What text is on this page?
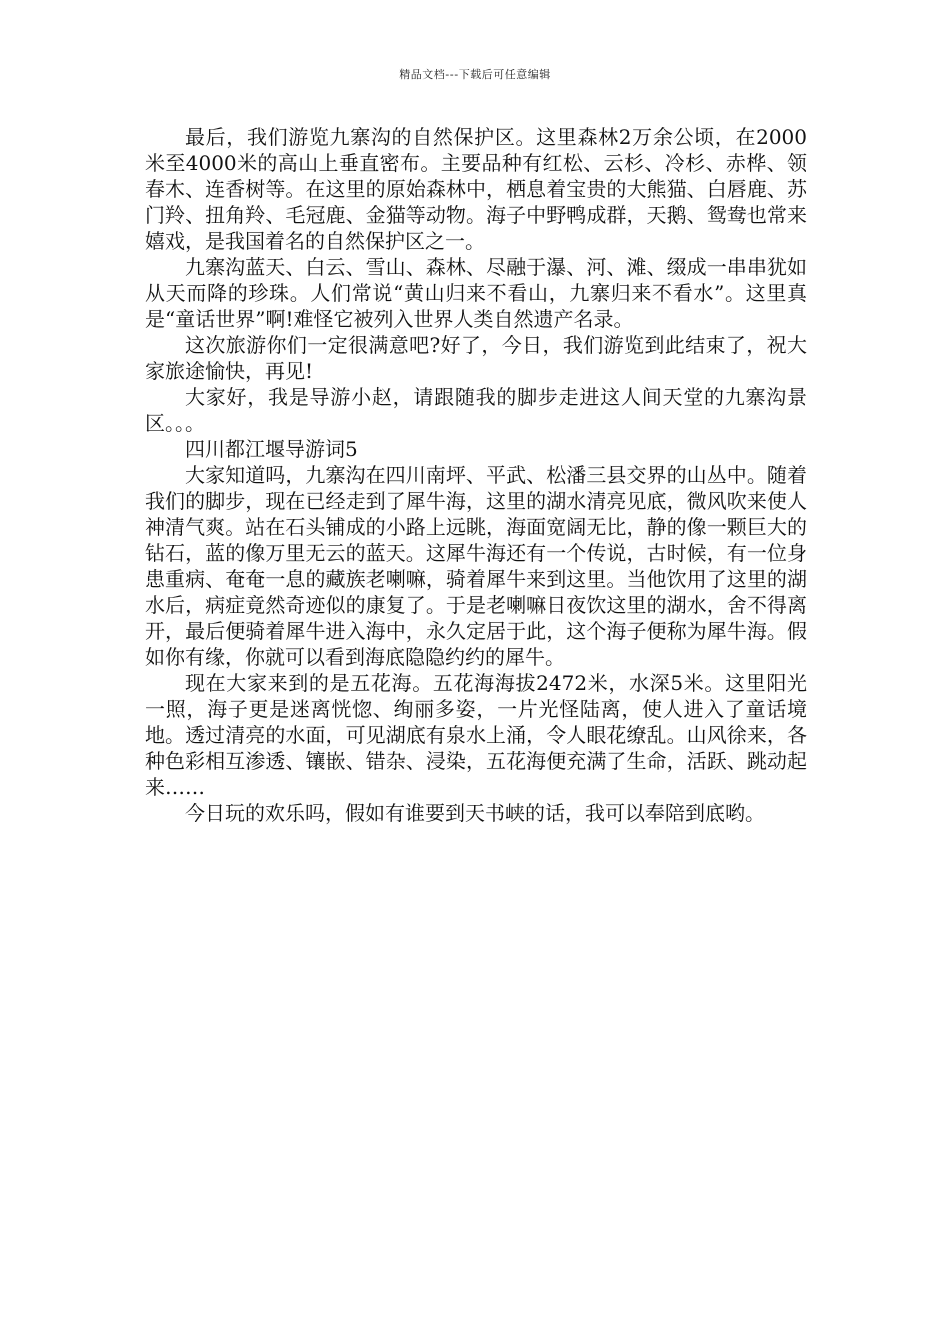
精品文档---下载后可任意编辑

最后，我们游览九寨沟的自然保护区。这里森林2万余公顷，在2000米至4000米的高山上垂直密布。主要品种有红松、云杉、冷杉、赤桦、领春木、连香树等。在这里的原始森林中，栖息着宝贵的大熊猫、白唇鹿、苏门羚、扭角羚、毛冠鹿、金猫等动物。海子中野鸭成群，天鹅、鸳鸯也常来嬉戏，是我国着名的自然保护区之一。

九寨沟蓝天、白云、雪山、森林、尽融于瀑、河、滩、缀成一串串犹如从天而降的珍珠。人们常说“黄山归来不看山，九寨归来不看水”。这里真是“童话世界”啊!难怪它被列入世界人类自然遗产名录。

这次旅游你们一定很满意吧?好了，今日，我们游览到此结束了，祝大家旅途愉快，再见!

大家好，我是导游小赵，请跟随我的脚步走进这人间天堂的九寨沟景区。。。

四川都江堰导游词5

大家知道吗，九寨沟在四川南坪、平武、松潘三县交界的山丛中。随着我们的脚步，现在已经走到了犀牛海，这里的湖水清亮见底，微风吹来使人神清气爽。站在石头铺成的小路上远眺，海面宽阔无比，静的像一颗巨大的钻石，蓝的像万里无云的蓝天。这犀牛海还有一个传说，古时候，有一位身患重病、奄奄一息的藏族老喇嘛，骑着犀牛来到这里。当他饮用了这里的湖水后，病症竟然奇迹似的康复了。于是老喇嘛日夜饮这里的湖水，舍不得离开，最后便骑着犀牛进入海中，永久定居于此，这个海子便称为犀牛海。假如你有缘，你就可以看到海底隐隐约约的犀牛。

现在大家来到的是五花海。五花海海拔2472米，水深5米。这里阳光一照，海子更是迷离恍惚、绚丽多姿，一片光怪陆离，使人进入了童话境地。透过清亮的水面，可见湖底有泉水上涌，令人眼花缭乱。山风徐来，各种色彩相互渗透、镶嵌、错杂、浸染，五花海便充满了生命，活跃、跳动起来……

今日玩的欢乐吗，假如有谁要到天书峡的话，我可以奉陪到底哟。
